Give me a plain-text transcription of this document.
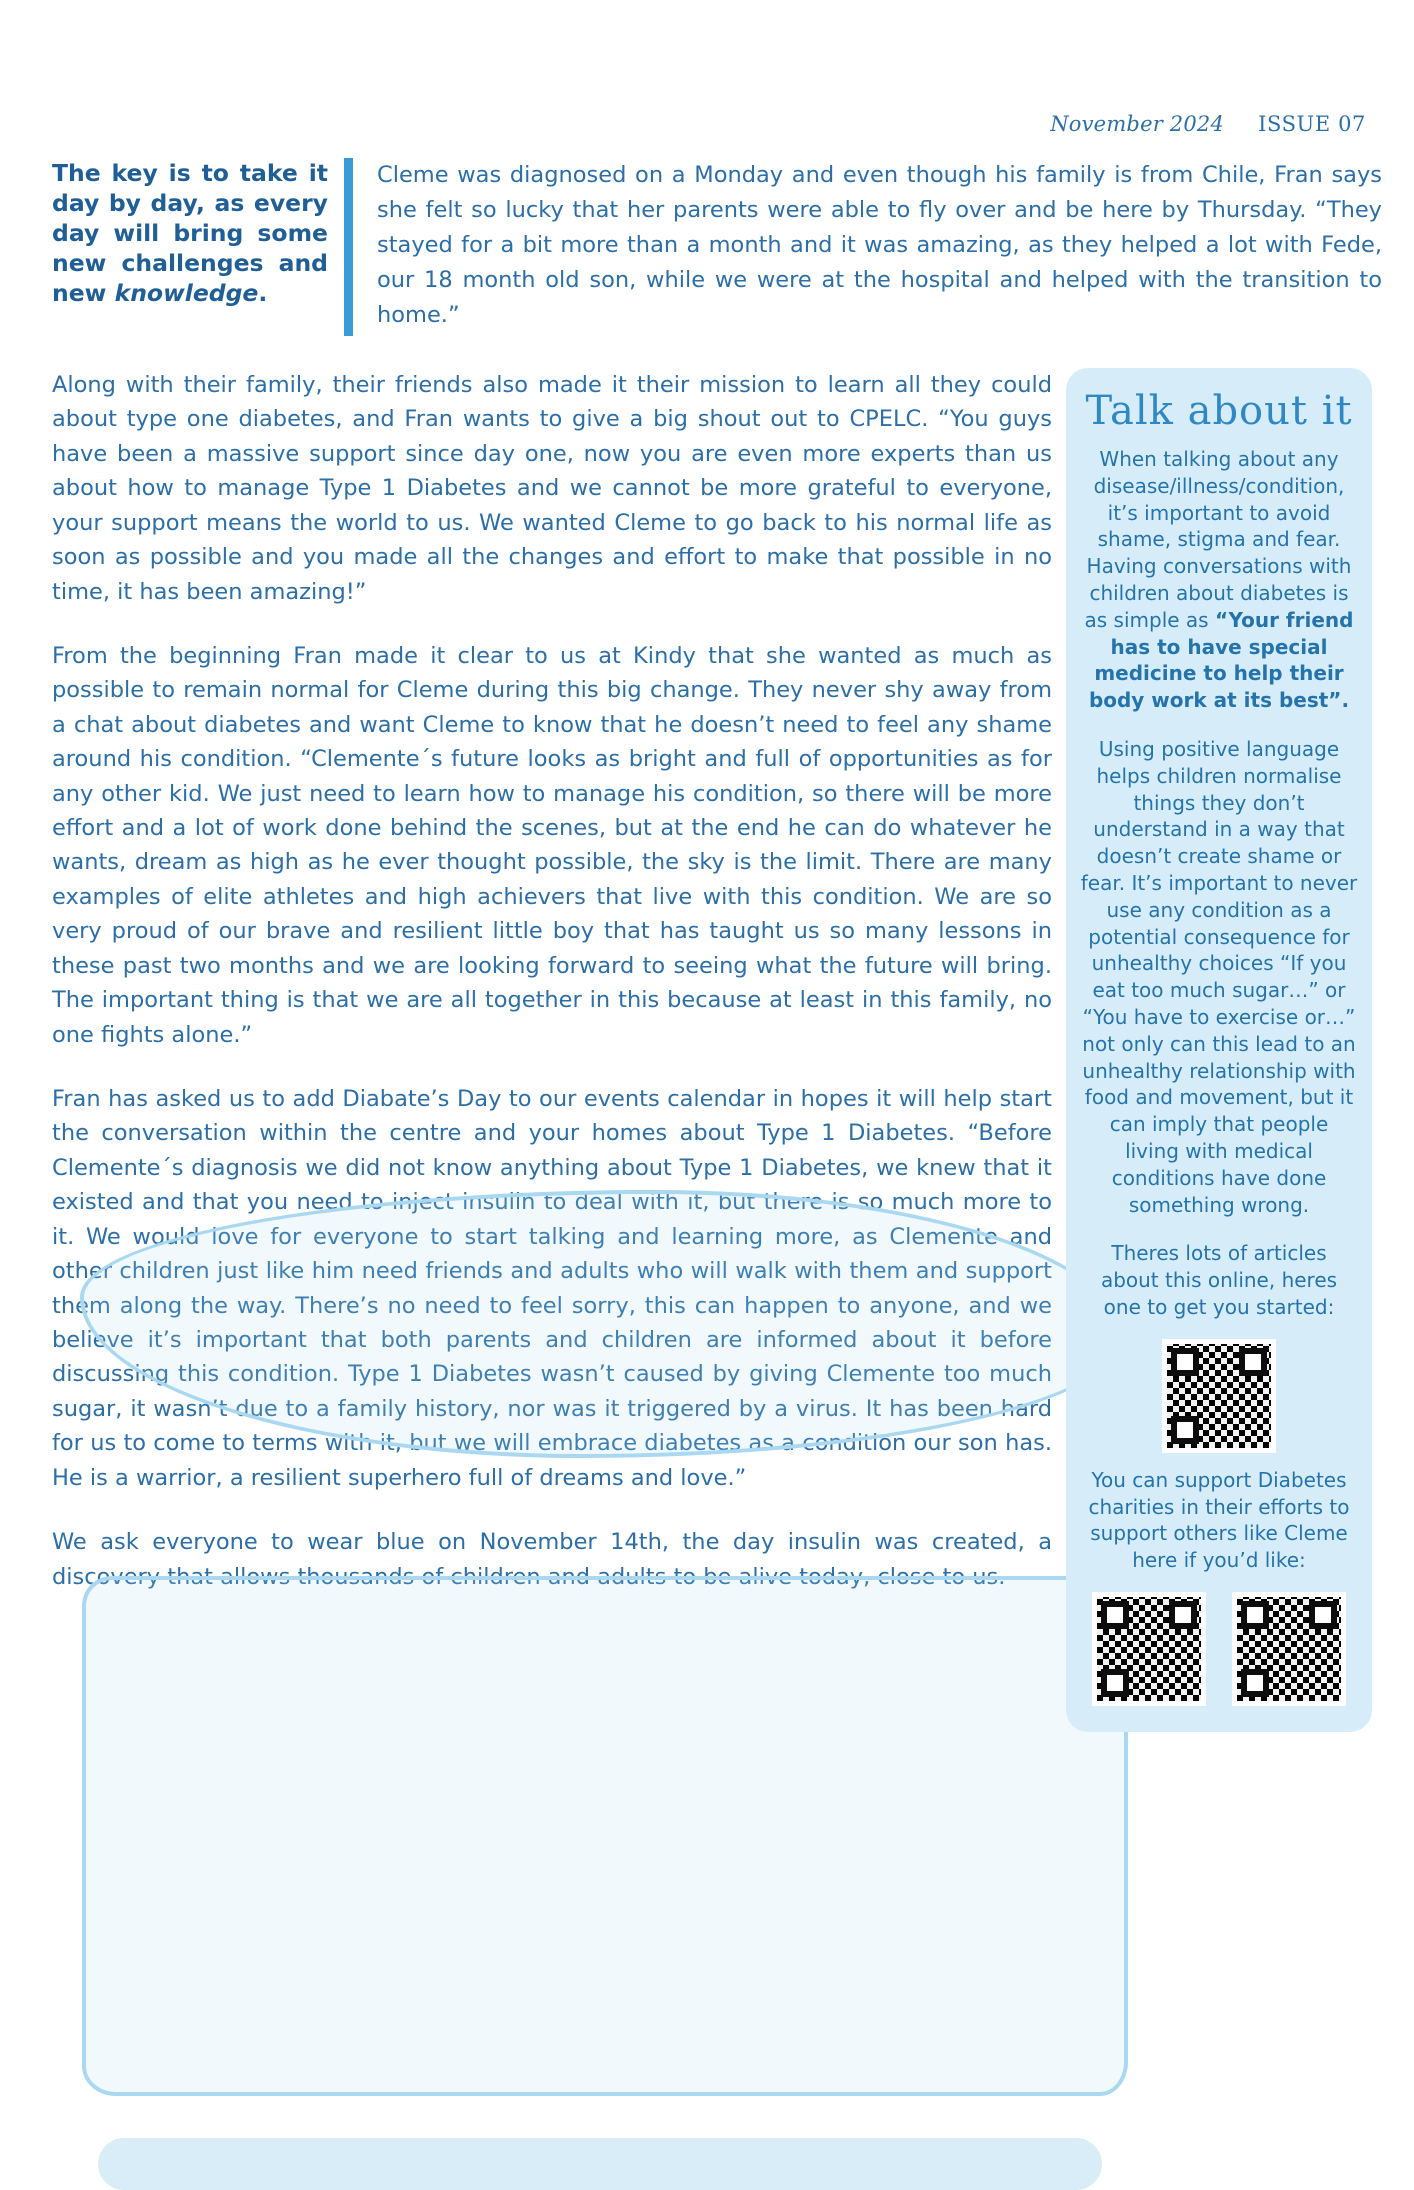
November 2024 ISSUE 07
The key is to take it day by day, as every day will bring some new challenges and new knowledge.
Cleme was diagnosed on a Monday and even though his family is from Chile, Fran says she felt so lucky that her parents were able to fly over and be here by Thursday. “They stayed for a bit more than a month and it was amazing, as they helped a lot with Fede, our 18 month old son, while we were at the hospital and helped with the transition to home.”

Along with their family, their friends also made it their mission to learn all they could about type one diabetes, and Fran wants to give a big shout out to CPELC. “You guys have been a massive support since day one, now you are even more experts than us about how to manage Type 1 Diabetes and we cannot be more grateful to everyone, your support means the world to us. We wanted Cleme to go back to his normal life as soon as possible and you made all the changes and effort to make that possible in no time, it has been amazing!”

From the beginning Fran made it clear to us at Kindy that she wanted as much as possible to remain normal for Cleme during this big change. They never shy away from a chat about diabetes and want Cleme to know that he doesn’t need to feel any shame around his condition. “Clemente´s future looks as bright and full of opportunities as for any other kid. We just need to learn how to manage his condition, so there will be more effort and a lot of work done behind the scenes, but at the end he can do whatever he wants, dream as high as he ever thought possible, the sky is the limit. There are many examples of elite athletes and high achievers that live with this condition. We are so very proud of our brave and resilient little boy that has taught us so many lessons in these past two months and we are looking forward to seeing what the future will bring. The important thing is that we are all together in this because at least in this family, no one fights alone.”

Fran has asked us to add Diabate’s Day to our events calendar in hopes it will help start the conversation within the centre and your homes about Type 1 Diabetes. “Before Clemente´s diagnosis we did not know anything about Type 1 Diabetes, we knew that it existed and that you need to inject insulin to deal with it, but there is so much more to it. We would love for everyone to start talking and learning more, as Clemente and other children just like him need friends and adults who will walk with them and support them along the way. There’s no need to feel sorry, this can happen to anyone, and we believe it’s important that both parents and children are informed about it before discussing this condition. Type 1 Diabetes wasn’t caused by giving Clemente too much sugar, it wasn’t due to a family history, nor was it triggered by a virus. It has been hard for us to come to terms with it, but we will embrace diabetes as a condition our son has. He is a warrior, a resilient superhero full of dreams and love.”

We ask everyone to wear blue on November 14th, the day insulin was created, a discovery that allows thousands of children and adults to be alive today, close to us.

Talk about it

When talking about any disease/illness/condition, it’s important to avoid shame, stigma and fear. Having conversations with children about diabetes is as simple as “Your friend has to have special medicine to help their body work at its best”.

Using positive language helps children normalise things they don’t understand in a way that doesn’t create shame or fear. It’s important to never use any condition as a potential consequence for unhealthy choices “If you eat too much sugar…” or “You have to exercise or…” not only can this lead to an unhealthy relationship with food and movement, but it can imply that people living with medical conditions have done something wrong.

Theres lots of articles about this online, heres one to get you started:

You can support Diabetes charities in their efforts to support others like Cleme here if you’d like:
